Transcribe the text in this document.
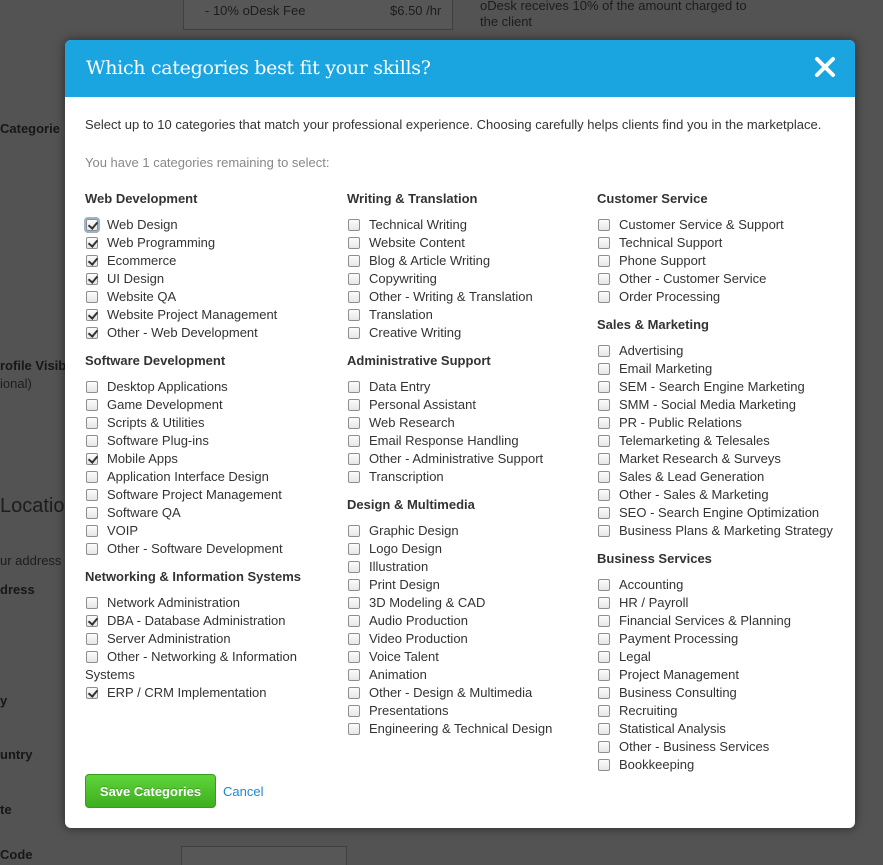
Which categories best fit your skills?
Select up to 10 categories that match your professional experience. Choosing carefully helps clients find you in the marketplace.
You have 1 categories remaining to select:
Web Development
Web Design
Web Programming
Ecommerce
UI Design
Website QA
Website Project Management
Other - Web Development
Software Development
Desktop Applications
Game Development
Scripts & Utilities
Software Plug-ins
Mobile Apps
Application Interface Design
Software Project Management
Software QA
VOIP
Other - Software Development
Networking & Information Systems
Network Administration
DBA - Database Administration
Server Administration
Other - Networking & Information Systems
ERP / CRM Implementation
Writing & Translation
Technical Writing
Website Content
Blog & Article Writing
Copywriting
Other - Writing & Translation
Translation
Creative Writing
Administrative Support
Data Entry
Personal Assistant
Web Research
Email Response Handling
Other - Administrative Support
Transcription
Design & Multimedia
Graphic Design
Logo Design
Illustration
Print Design
3D Modeling & CAD
Audio Production
Video Production
Voice Talent
Animation
Other - Design & Multimedia
Presentations
Engineering & Technical Design
Customer Service
Customer Service & Support
Technical Support
Phone Support
Other - Customer Service
Order Processing
Sales & Marketing
Advertising
Email Marketing
SEM - Search Engine Marketing
SMM - Social Media Marketing
PR - Public Relations
Telemarketing & Telesales
Market Research & Surveys
Sales & Lead Generation
Other - Sales & Marketing
SEO - Search Engine Optimization
Business Plans & Marketing Strategy
Business Services
Accounting
HR / Payroll
Financial Services & Planning
Payment Processing
Legal
Project Management
Business Consulting
Recruiting
Statistical Analysis
Other - Business Services
Bookkeeping
Save Categories	Cancel
